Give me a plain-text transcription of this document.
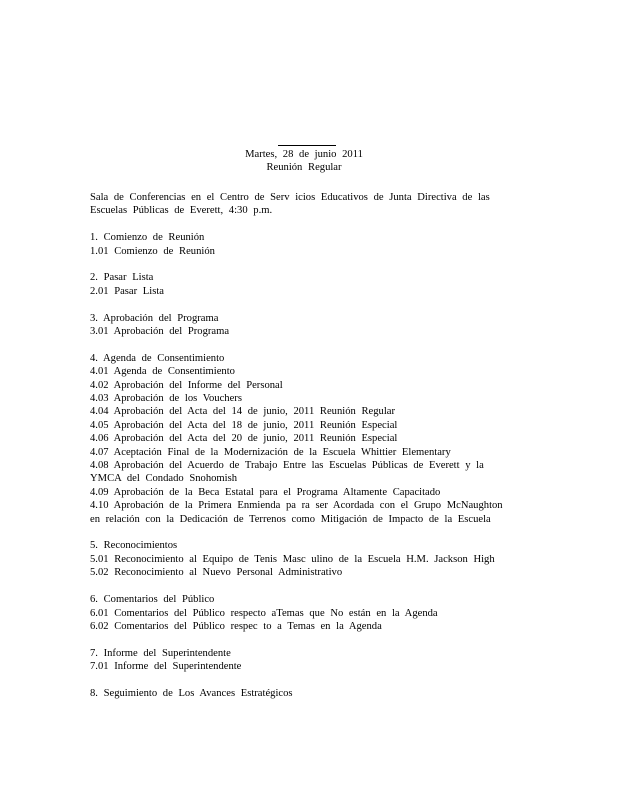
Martes, 28 de junio 2011
Reunión Regular
Sala de Conferencias en el Centro de Serv icios Educativos de Junta Directiva de las
Escuelas Públicas de Everett, 4:30 p.m.
1. Comienzo de Reunión
1.01 Comienzo de Reunión
2. Pasar Lista
2.01 Pasar Lista
3. Aprobación del Programa
3.01 Aprobación del Programa
4. Agenda de Consentimiento
4.01 Agenda de Consentimiento
4.02 Aprobación del Informe del Personal
4.03 Aprobación de los Vouchers
4.04 Aprobación del Acta del 14 de junio, 2011 Reunión Regular
4.05 Aprobación del Acta del 18 de junio, 2011 Reunión Especial
4.06 Aprobación del Acta del 20 de junio, 2011 Reunión Especial
4.07 Aceptación Final de la Modernización de la Escuela Whittier Elementary
4.08 Aprobación del Acuerdo de Trabajo Entre las Escuelas Públicas de Everett y la
YMCA del Condado Snohomish
4.09 Aprobación de la Beca Estatal para el Programa Altamente Capacitado
4.10 Aprobación de la Primera Enmienda pa ra ser Acordada con el Grupo McNaughton
en relación con la Dedicación de Terrenos como Mitigación de Impacto de la Escuela
5. Reconocimientos
5.01 Reconocimiento al Equipo de Tenis Masc ulino de la Escuela H.M. Jackson High
5.02 Reconocimiento al Nuevo Personal Administrativo
6. Comentarios del Público
6.01 Comentarios del Público respecto aTemas que No están en la Agenda
6.02 Comentarios del Público respec to a Temas en la Agenda
7. Informe del Superintendente
7.01 Informe del Superintendente
8. Seguimiento de Los Avances Estratégicos
